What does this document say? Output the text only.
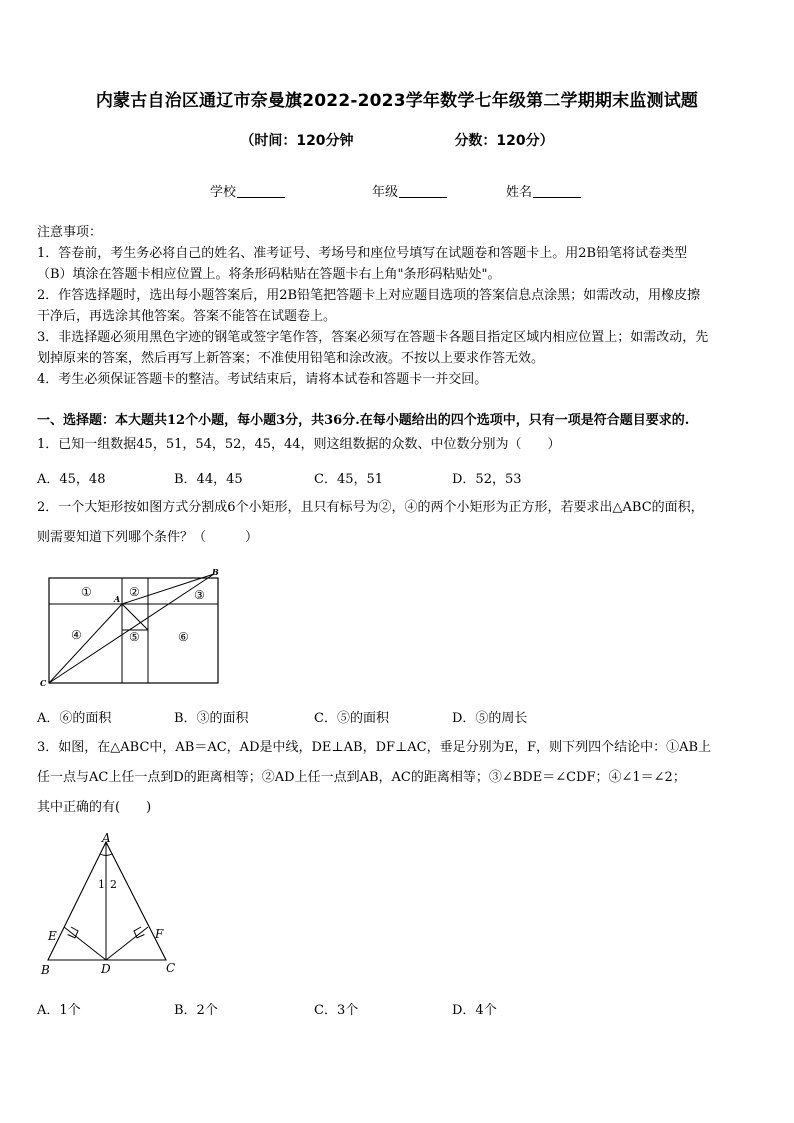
内蒙古自治区通辽市奈曼旗2022-2023学年数学七年级第二学期期末监测试题
（时间：120分钟	分数：120分）
学校	年级	姓名

注意事项：

1．答卷前，考生务必将自己的姓名、准考证号、考场号和座位号填写在试题卷和答题卡上。用2B铅笔将试卷类型

（B）填涂在答题卡相应位置上。将条形码粘贴在答题卡右上角"条形码粘贴处"。

2．作答选择题时，选出每小题答案后，用2B铅笔把答题卡上对应题目选项的答案信息点涂黑；如需改动，用橡皮擦

干净后，再选涂其他答案。答案不能答在试题卷上。

3．非选择题必须用黑色字迹的钢笔或签字笔作答，答案必须写在答题卡各题目指定区域内相应位置上；如需改动，先

划掉原来的答案，然后再写上新答案；不准使用铅笔和涂改液。不按以上要求作答无效。

4．考生必须保证答题卡的整洁。考试结束后，请将本试卷和答题卡一并交回。

一、选择题：本大题共12个小题，每小题3分，共36分.在每小题给出的四个选项中，只有一项是符合题目要求的.
1．已知一组数据45，51，54，52，45，44，则这组数据的众数、中位数分别为（　　）
A．45，48	B．44，45	C．45，51	D．52，53
2．一个大矩形按如图方式分割成6个小矩形，且只有标号为②，④的两个小矩形为正方形，若要求出△ABC的面积，
则需要知道下列哪个条件？（　　　）
①	②	③
④	⑤	⑥
A
B
C
A．⑥的面积	B．③的面积	C．⑤的面积	D．⑤的周长
3．如图，在△ABC中，AB＝AC，AD是中线，DE⊥AB，DF⊥AC，垂足分别为E，F，则下列四个结论中：①AB上
任一点与AC上任一点到D的距离相等；②AD上任一点到AB，AC的距离相等；③∠BDE＝∠CDF；④∠1＝∠2；
其中正确的有(　　)
A
B	C
D
E	F
1 2
A．1个	B．2个	C．3个	D．4个
